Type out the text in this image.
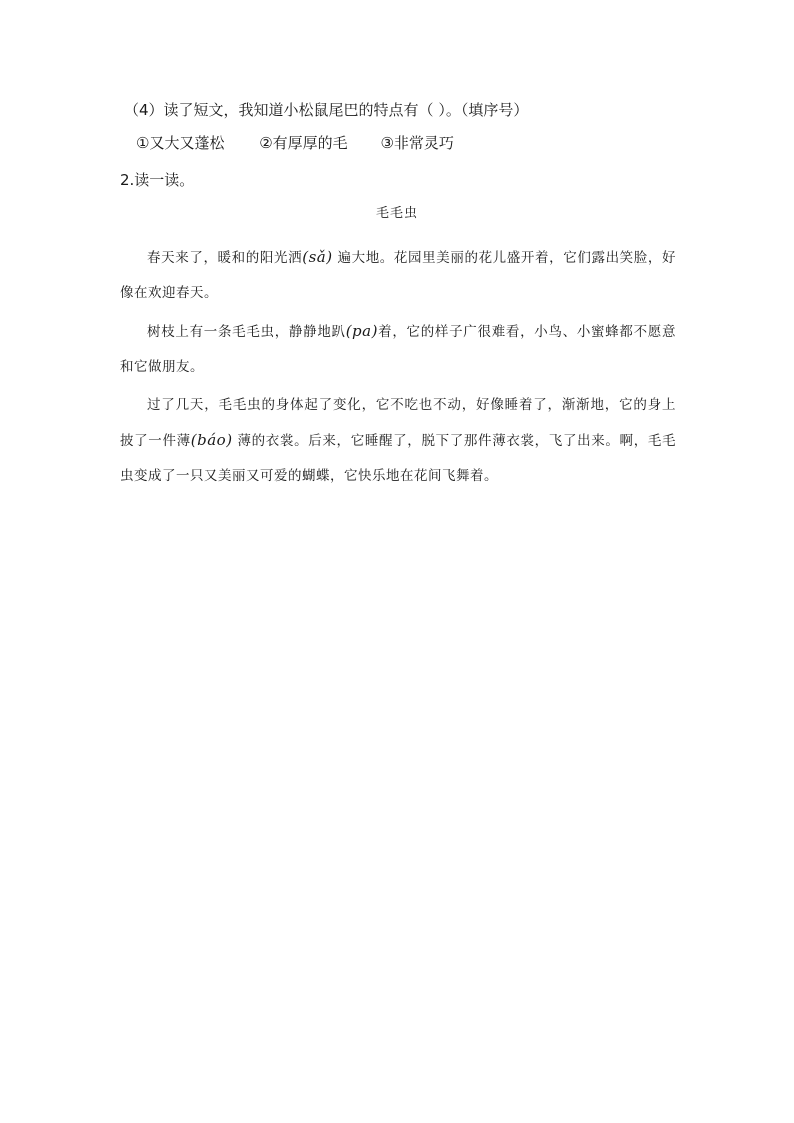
（4）读了短文，我知道小松鼠尾巴的特点有（ ）。（填序号）
①又大又蓬松 ②有厚厚的毛 ③非常灵巧
2.读一读。
毛毛虫

春天来了，暖和的阳光洒(sǎ) 遍大地。花园里美丽的花儿盛开着，它们露出笑脸，好像在欢迎春天。

树枝上有一条毛毛虫，静静地趴(pa)着，它的样子广很难看，小鸟、小蜜蜂都不愿意和它做朋友。

过了几天，毛毛虫的身体起了变化，它不吃也不动，好像睡着了，渐渐地，它的身上披了一件薄(báo) 薄的衣裳。后来，它睡醒了，脱下了那件薄衣裳，飞了出来。啊，毛毛虫变成了一只又美丽又可爱的蝴蝶，它快乐地在花间飞舞着。
